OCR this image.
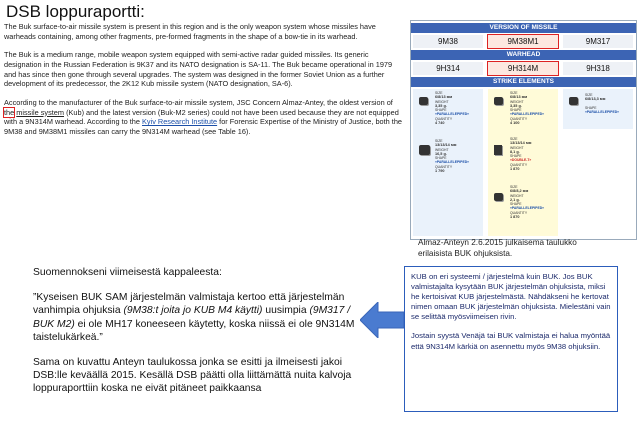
DSB loppuraportti:

The Buk surface-to-air missile system is present in this region and is the only weapon system whose missiles have warheads containing, among other fragments, pre-formed fragments in the shape of a bow-tie in its warhead.

The Buk is a medium range, mobile weapon system equipped with semi-active radar guided missiles. Its generic designation in the Russian Federation is 9K37 and its NATO designation is SA-11. The Buk became operational in 1979 and has since then gone through several upgrades. The system was designed in the former Soviet Union as a further development of its predecessor, the 2K12 Kub missile system (NATO designation, SA-6).

According to the manufacturer of the Buk surface-to-air missile system, JSC Concern Almaz-Antey, the oldest version of the missile system (Kub) and the latest version (Buk-M2 series) could not have been used because they are not equipped with a 9N314M warhead. According to the Kyiv Research Institute for Forensic Expertise of the Ministry of Justice, both the 9M38 and 9M38M1 missiles can carry the 9N314M warhead (see Table 16).

VERSION OF MISSILE
9M38	9M38M1	9M317
WARHEAD
9H314	9H314M	9H318
STRIKE ELEMENTS
SIZE
6/8/13 мм
WEIGHT
3,35 g.
SHAPE
«PARALLELEPIPED»
QUANTITY
4 740
SIZE
13/13/14 мм
WEIGHT
16,5 g.
SHAPE
«PARALLELEPIPED»
QUANTITY
1 790
SIZE
6/8/13 мм
WEIGHT
3,35 g.
SHAPE
«PARALLELEPIPED»
QUANTITY
4 100
SIZE
13/13/14 мм
WEIGHT
8,1 g.
SHAPE
«DOUBLE-T»
QUANTITY
1 870
SIZE
6/8/8,2 мм
WEIGHT
2,1 g.
SHAPE
«PARALLELEPIPED»
QUANTITY
1 870
SIZE
6/8/13,3 мм

SHAPE
«PARALLELEPIPED»
Almaz-Anteyn 2.6.2015 julkaisema taulukko
erilaisista BUK ohjuksista.

Suomennokseni viimeisestä kappaleesta:

”Kyseisen BUK SAM järjestelmän valmistaja kertoo että järjestelmän vanhimpia ohjuksia (9M38:t joita jo KUB M4 käytti) uusimpia (9M317 / BUK M2) ei ole MH17 koneeseen käytetty, koska niissä ei ole 9N314M taistelukärkeä.”

Sama on kuvattu Anteyn taulukossa jonka se esitti ja ilmeisesti jakoi DSB:lle keväällä 2015. Kesällä DSB päätti olla liittämättä nuita kalvoja loppuraporttiin koska ne eivät pitäneet paikkaansa

KUB on eri systeemi / järjestelmä kuin BUK. Jos BUK valmistajalta kysytään BUK järjestelmän ohjuksista, miksi he kertoisivat KUB järjestelmästä. Nähdäkseni he kertovat nimen omaan BUK järjestelmän ohjuksista. Mielestäni vain se selittää myösviimeisen rivin.

Jostain syystä Venäjä tai BUK valmistaja ei halua myöntää että 9N314M kärkiä on asennettu myös 9M38 ohjuksiin.
